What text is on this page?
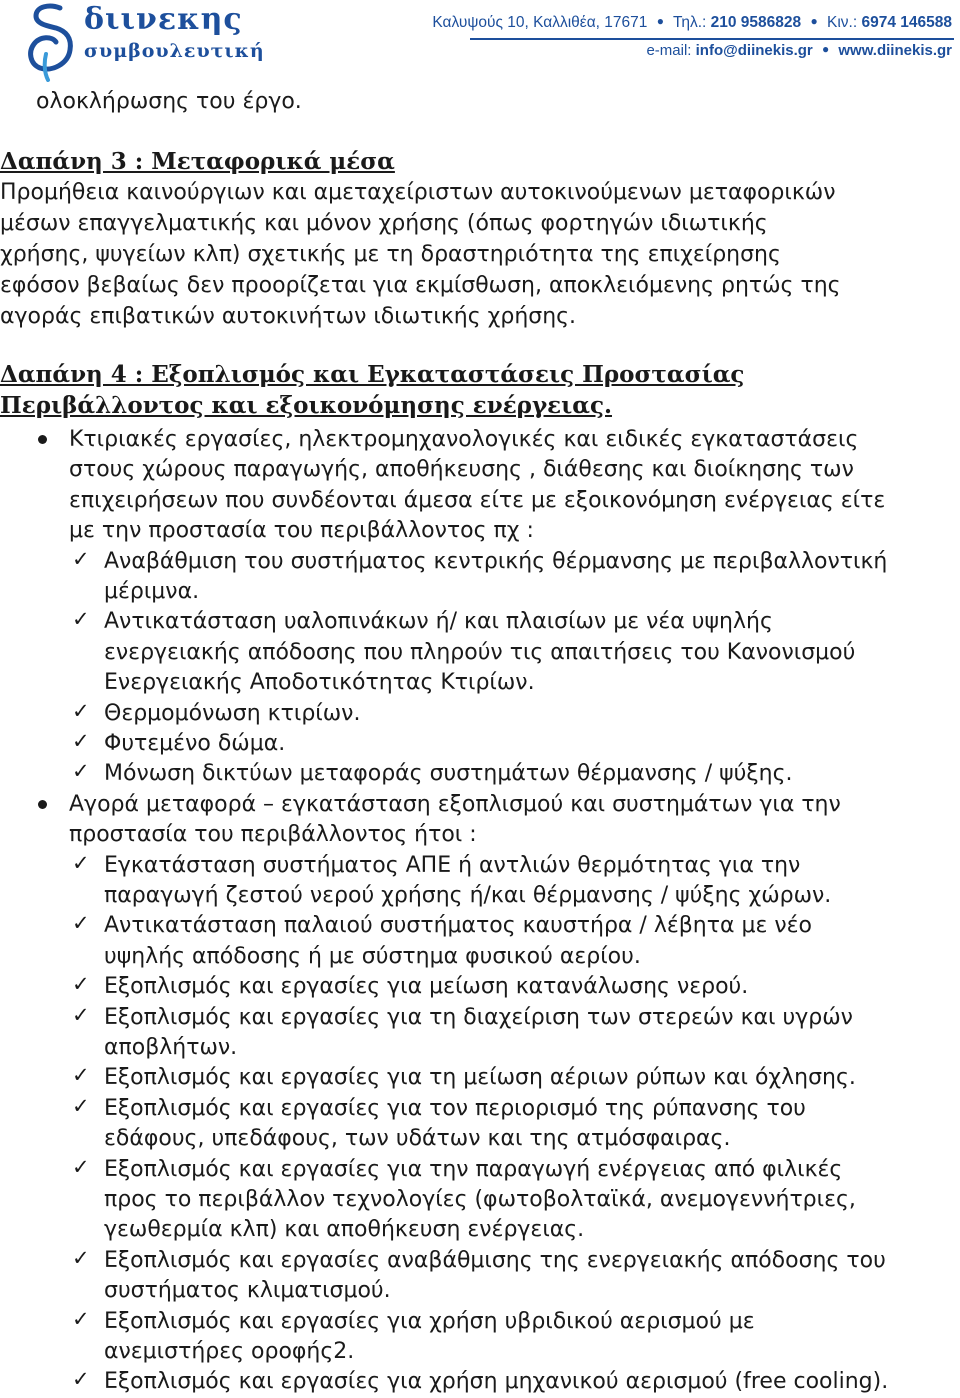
διινεκης
συμβουλευτική
Καλυψούς 10, Καλλιθέα, 17671 ● Τηλ.: 210 9586828 ● Κιν.: 6974 146588
e-mail: info@diinekis.gr ● www.diinekis.gr

ολοκλήρωσης του έργο.

Δαπάνη 3 : Μεταφορικά μέσα

Προμήθεια καινούργιων και αμεταχείριστων αυτοκινούμενων μεταφορικών

μέσων επαγγελματικής και μόνον χρήσης (όπως φορτηγών ιδιωτικής

χρήσης, ψυγείων κλπ) σχετικής με τη δραστηριότητα της επιχείρησης

εφόσον βεβαίως δεν προορίζεται για εκμίσθωση, αποκλειόμενης ρητώς της

αγοράς επιβατικών αυτοκινήτων ιδιωτικής χρήσης.

Δαπάνη 4 : Εξοπλισμός και Εγκαταστάσεις Προστασίας

Περιβάλλοντος και εξοικονόμησης ενέργειας.

Κτιριακές εργασίες, ηλεκτρομηχανολογικές και ειδικές εγκαταστάσεις

στους χώρους παραγωγής, αποθήκευσης , διάθεσης και διοίκησης των

επιχειρήσεων που συνδέονται άμεσα είτε με εξοικονόμηση ενέργειας είτε

με την προστασία του περιβάλλοντος πχ :

✓ Αναβάθμιση του συστήματος κεντρικής θέρμανσης με περιβαλλοντική

μέριμνα.

✓ Αντικατάσταση υαλοπινάκων ή/ και πλαισίων με νέα υψηλής

ενεργειακής απόδοσης που πληρούν τις απαιτήσεις του Κανονισμού

Ενεργειακής Αποδοτικότητας Κτιρίων.

✓ Θερμομόνωση κτιρίων.

✓ Φυτεμένο δώμα.

✓ Μόνωση δικτύων μεταφοράς συστημάτων θέρμανσης / ψύξης.

Αγορά μεταφορά – εγκατάσταση εξοπλισμού και συστημάτων για την

προστασία του περιβάλλοντος ήτοι :

✓ Εγκατάσταση συστήματος ΑΠΕ ή αντλιών θερμότητας για την

παραγωγή ζεστού νερού χρήσης ή/και θέρμανσης / ψύξης χώρων.

✓ Αντικατάσταση παλαιού συστήματος καυστήρα / λέβητα με νέο

υψηλής απόδοσης ή με σύστημα φυσικού αερίου.

✓ Εξοπλισμός και εργασίες για μείωση κατανάλωσης νερού.

✓ Εξοπλισμός και εργασίες για τη διαχείριση των στερεών και υγρών

αποβλήτων.

✓ Εξοπλισμός και εργασίες για τη μείωση αέριων ρύπων και όχλησης.

✓ Εξοπλισμός και εργασίες για τον περιορισμό της ρύπανσης του

εδάφους, υπεδάφους, των υδάτων και της ατμόσφαιρας.

✓ Εξοπλισμός και εργασίες για την παραγωγή ενέργειας από φιλικές

προς το περιβάλλον τεχνολογίες (φωτοβολταϊκά, ανεμογεννήτριες,

γεωθερμία κλπ) και αποθήκευση ενέργειας.

✓ Εξοπλισμός και εργασίες αναβάθμισης της ενεργειακής απόδοσης του

συστήματος κλιματισμού.

✓ Εξοπλισμός και εργασίες για χρήση υβριδικού αερισμού με

ανεμιστήρες οροφής2.

✓ Εξοπλισμός και εργασίες για χρήση μηχανικού αερισμού (free cooling).
